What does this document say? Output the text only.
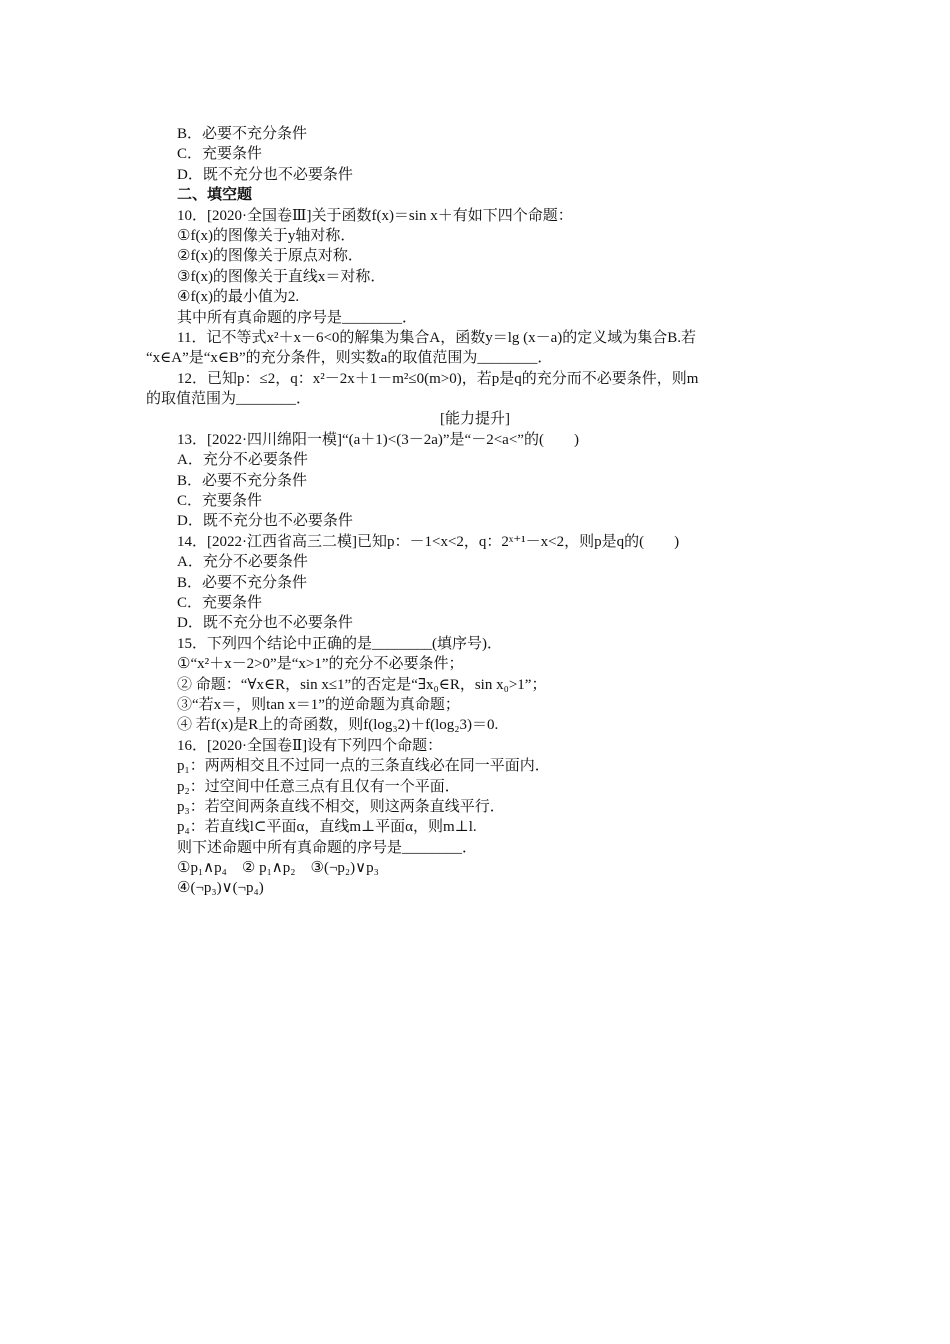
B．必要不充分条件
C．充要条件
D．既不充分也不必要条件
二、填空题
10．[2020·全国卷Ⅲ]关于函数f(x)＝sin x＋有如下四个命题：
①f(x)的图像关于y轴对称．
②f(x)的图像关于原点对称．
③f(x)的图像关于直线x＝对称．
④f(x)的最小值为2.
其中所有真命题的序号是________．
11．记不等式x²＋x－6<0的解集为集合A，函数y＝lg (x－a)的定义域为集合B.若
“x∈A”是“x∈B”的充分条件，则实数a的取值范围为________．
12．已知p：≤2，q：x²－2x＋1－m²≤0(m>0)，若p是q的充分而不必要条件，则m
的取值范围为________．
[能力提升]
13．[2022·四川绵阳一模]“(a＋1)<(3－2a)”是“－2<a<”的(　　)
A．充分不必要条件
B．必要不充分条件
C．充要条件
D．既不充分也不必要条件
14．[2022·江西省高三二模]已知p：－1<x<2，q：2ˣ⁺¹－x<2，则p是q的(　　)
A．充分不必要条件
B．必要不充分条件
C．充要条件
D．既不充分也不必要条件
15．下列四个结论中正确的是________(填序号)．
①“x²＋x－2>0”是“x>1”的充分不必要条件；
② 命题：“∀x∈R，sin x≤1”的否定是“∃x₀∈R，sin x₀>1”；
③“若x＝，则tan x＝1”的逆命题为真命题；
④ 若f(x)是R上的奇函数，则f(log₃2)＋f(log₂3)＝0.
16．[2020·全国卷Ⅱ]设有下列四个命题：
p₁：两两相交且不过同一点的三条直线必在同一平面内．
p₂：过空间中任意三点有且仅有一个平面．
p₃：若空间两条直线不相交，则这两条直线平行．
p₄：若直线l⊂平面α，直线m⊥平面α，则m⊥l.
则下述命题中所有真命题的序号是________．
①p₁∧p₄　② p₁∧p₂　③(¬p₂)∨p₃
④(¬p₃)∨(¬p₄)
